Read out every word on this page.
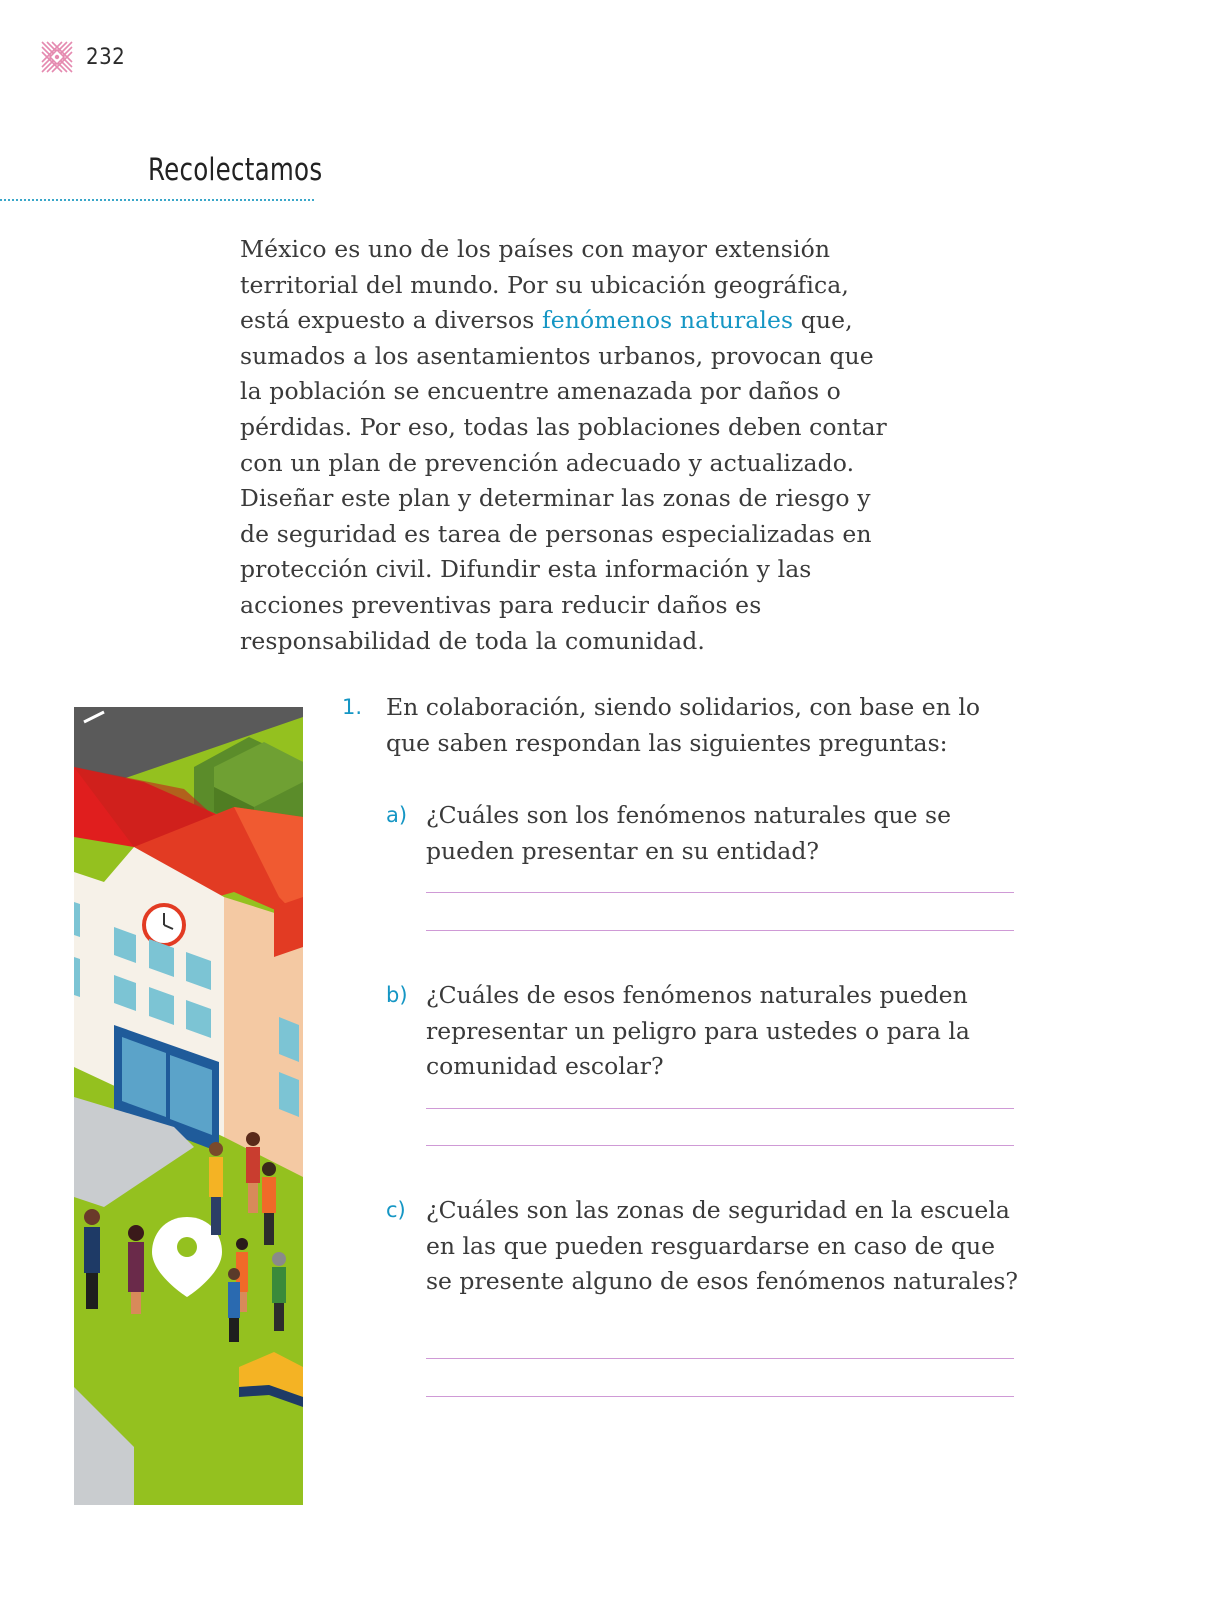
232
Recolectamos

México es uno de los países con mayor extensión territorial del mundo. Por su ubicación geográfica, está expuesto a diversos fenómenos naturales que, sumados a los asentamientos urbanos, provocan que la población se encuentre amenazada por daños o pérdidas. Por eso, todas las poblaciones deben contar con un plan de prevención adecuado y actualizado. Diseñar este plan y determinar las zonas de riesgo y de seguridad es tarea de personas especializadas en protección civil. Difundir esta información y las acciones preventivas para reducir daños es responsabilidad de toda la comunidad.

1. En colaboración, siendo solidarios, con base en lo que saben respondan las siguientes preguntas:

a) ¿Cuáles son los fenómenos naturales que se pueden presentar en su entidad?

b) ¿Cuáles de esos fenómenos naturales pueden representar un peligro para ustedes o para la comunidad escolar?

c) ¿Cuáles son las zonas de seguridad en la escuela en las que pueden resguardarse en caso de que se presente alguno de esos fenómenos naturales?
